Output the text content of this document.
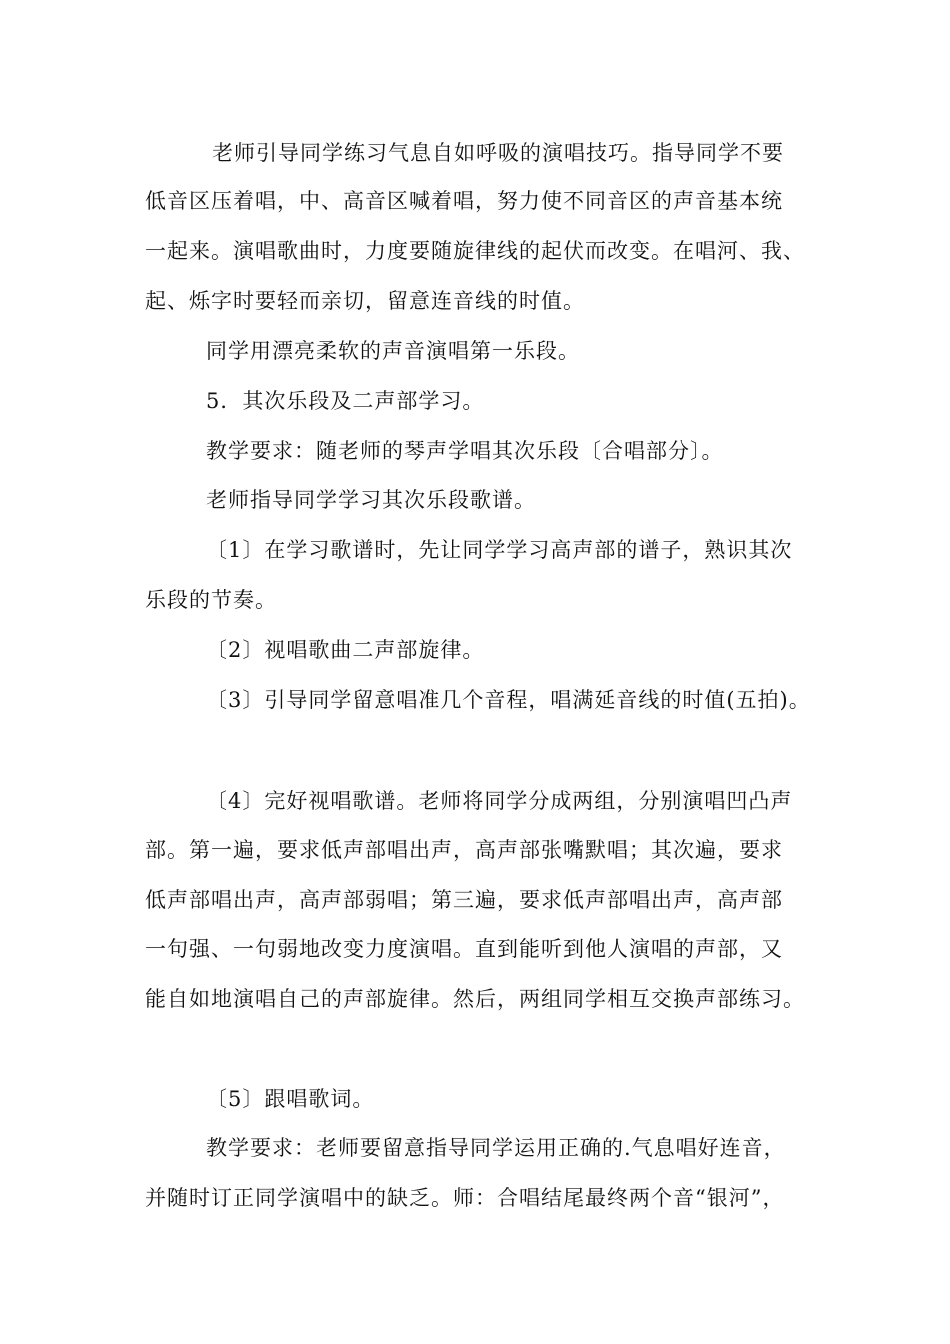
老师引导同学练习气息自如呼吸的演唱技巧。指导同学不要
低音区压着唱，中、高音区喊着唱，努力使不同音区的声音基本统
一起来。演唱歌曲时，力度要随旋律线的起伏而改变。在唱河、我、
起、烁字时要轻而亲切，留意连音线的时值。
同学用漂亮柔软的声音演唱第一乐段。
5．其次乐段及二声部学习。
教学要求：随老师的琴声学唱其次乐段〔合唱部分〕。
老师指导同学学习其次乐段歌谱。
〔1〕在学习歌谱时，先让同学学习高声部的谱子，熟识其次
乐段的节奏。
〔2〕视唱歌曲二声部旋律。
〔3〕引导同学留意唱准几个音程，唱满延音线的时值(五拍)。
〔4〕完好视唱歌谱。老师将同学分成两组，分别演唱凹凸声
部。第一遍，要求低声部唱出声，高声部张嘴默唱；其次遍，要求
低声部唱出声，高声部弱唱；第三遍，要求低声部唱出声，高声部
一句强、一句弱地改变力度演唱。直到能听到他人演唱的声部，又
能自如地演唱自己的声部旋律。然后，两组同学相互交换声部练习。
〔5〕跟唱歌词。
教学要求：老师要留意指导同学运用正确的.气息唱好连音，
并随时订正同学演唱中的缺乏。师：合唱结尾最终两个音“银河”，
